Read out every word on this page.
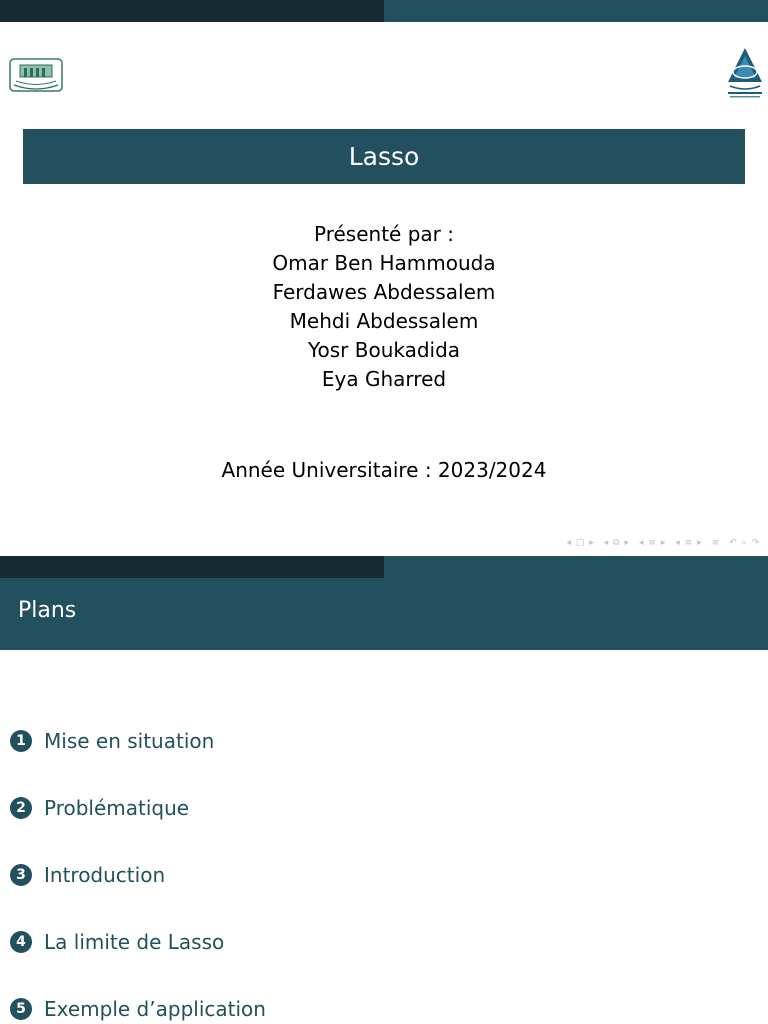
Lasso
Présenté par :
Omar Ben Hammouda
Ferdawes Abdessalem
Mehdi Abdessalem
Yosr Boukadida
Eya Gharred
Année Universitaire : 2023/2024
◂ □ ▸ ◂ ⧉ ▸ ◂ ≡ ▸ ◂ ≡ ▸ ≡ ↶ ⌕ ↷
Plans
1 Mise en situation
2 Problématique
3 Introduction
4 La limite de Lasso
5 Exemple d’application
